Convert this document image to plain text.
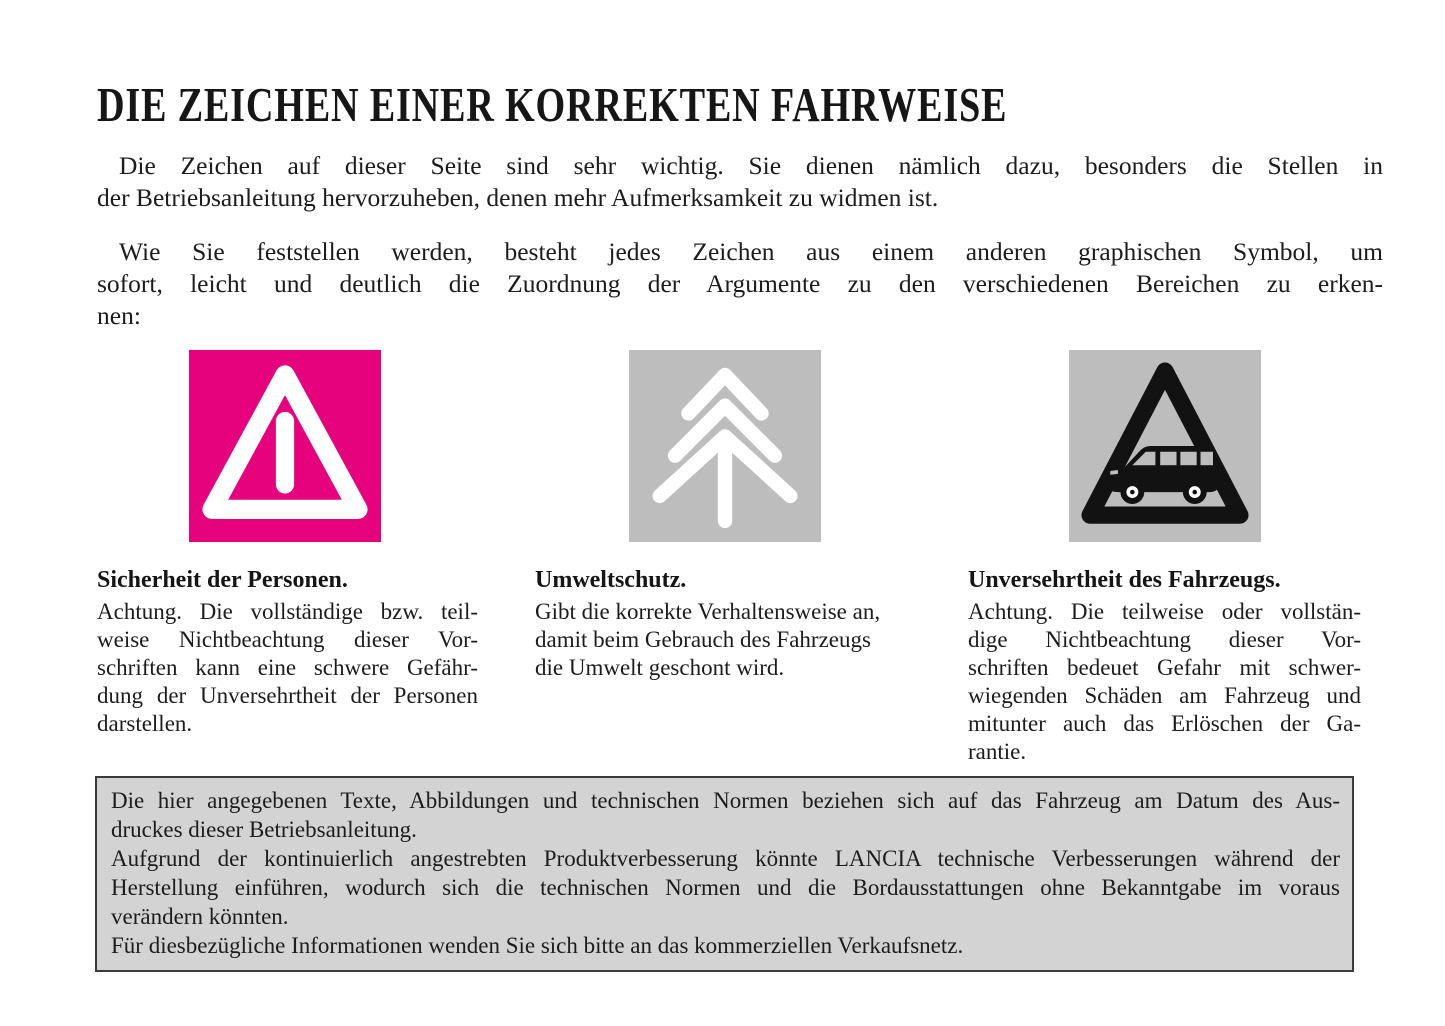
DIE ZEICHEN EINER KORREKTEN FAHRWEISE
Die Zeichen auf dieser Seite sind sehr wichtig. Sie dienen nämlich dazu, besonders die Stellen in
der Betriebsanleitung hervorzuheben, denen mehr Aufmerksamkeit zu widmen ist.
Wie Sie feststellen werden, besteht jedes Zeichen aus einem anderen graphischen Symbol, um
sofort, leicht und deutlich die Zuordnung der Argumente zu den verschiedenen Bereichen zu erken-
nen:
Sicherheit der Personen.
Achtung. Die vollständige bzw. teil-
weise Nichtbeachtung dieser Vor-
schriften kann eine schwere Gefähr-
dung der Unversehrtheit der Personen
darstellen.
Umweltschutz.
Gibt die korrekte Verhaltensweise an,
damit beim Gebrauch des Fahrzeugs
die Umwelt geschont wird.
Unversehrtheit des Fahrzeugs.
Achtung. Die teilweise oder vollstän-
dige Nichtbeachtung dieser Vor-
schriften bedeuet Gefahr mit schwer-
wiegenden Schäden am Fahrzeug und
mitunter auch das Erlöschen der Ga-
rantie.
Die hier angegebenen Texte, Abbildungen und technischen Normen beziehen sich auf das Fahrzeug am Datum des Aus-
druckes dieser Betriebsanleitung.
Aufgrund der kontinuierlich angestrebten Produktverbesserung könnte LANCIA technische Verbesserungen während der
Herstellung einführen, wodurch sich die technischen Normen und die Bordausstattungen ohne Bekanntgabe im voraus
verändern könnten.
Für diesbezügliche Informationen wenden Sie sich bitte an das kommerziellen Verkaufsnetz.
